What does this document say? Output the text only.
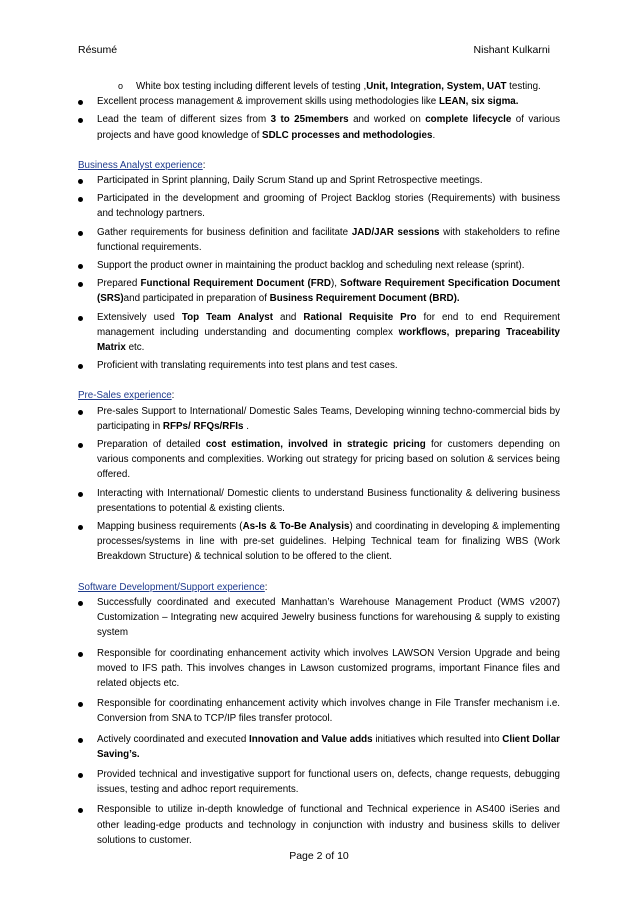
Résumé	Nishant Kulkarni
o	White box testing including different levels of testing ,Unit, Integration, System, UAT testing.
Excellent process management & improvement skills using methodologies like LEAN, six sigma.
Lead the team of different sizes from 3 to 25members and worked on complete lifecycle of various projects and have good knowledge of SDLC processes and methodologies.
Business Analyst experience:
Participated in Sprint planning, Daily Scrum Stand up and Sprint Retrospective meetings.
Participated in the development and grooming of Project Backlog stories (Requirements) with business and technology partners.
Gather requirements for business definition and facilitate JAD/JAR sessions with stakeholders to refine functional requirements.
Support the product owner in maintaining the product backlog and scheduling next release (sprint).
Prepared Functional Requirement Document (FRD), Software Requirement Specification Document (SRS)and participated in preparation of Business Requirement Document (BRD).
Extensively used Top Team Analyst and Rational Requisite Pro for end to end Requirement management including understanding and documenting complex workflows, preparing Traceability Matrix etc.
Proficient with translating requirements into test plans and test cases.
Pre-Sales experience:
Pre-sales Support to International/ Domestic Sales Teams, Developing winning techno-commercial bids by participating in RFPs/ RFQs/RFIs .
Preparation of detailed cost estimation, involved in strategic pricing for customers depending on various components and complexities. Working out strategy for pricing based on solution & services being offered.
Interacting with International/ Domestic clients to understand Business functionality & delivering business presentations to potential & existing clients.
Mapping business requirements (As-Is & To-Be Analysis) and coordinating in developing & implementing processes/systems in line with pre-set guidelines. Helping Technical team for finalizing WBS (Work Breakdown Structure) & technical solution to be offered to the client.
Software Development/Support experience:
Successfully coordinated and executed Manhattan’s Warehouse Management Product (WMS v2007) Customization – Integrating new acquired Jewelry business functions for warehousing & supply to existing system
Responsible for coordinating enhancement activity which involves LAWSON Version Upgrade and being moved to IFS path. This involves changes in Lawson customized programs, important Finance files and related objects etc.
Responsible for coordinating enhancement activity which involves change in File Transfer mechanism i.e. Conversion from SNA to TCP/IP files transfer protocol.
Actively coordinated and executed Innovation and Value adds initiatives which resulted into Client Dollar Saving’s.
Provided technical and investigative support for functional users on, defects, change requests, debugging issues, testing and adhoc report requirements.
Responsible to utilize in-depth knowledge of functional and Technical experience in AS400 iSeries and other leading-edge products and technology in conjunction with industry and business skills to deliver solutions to customer.
Page 2 of 10
